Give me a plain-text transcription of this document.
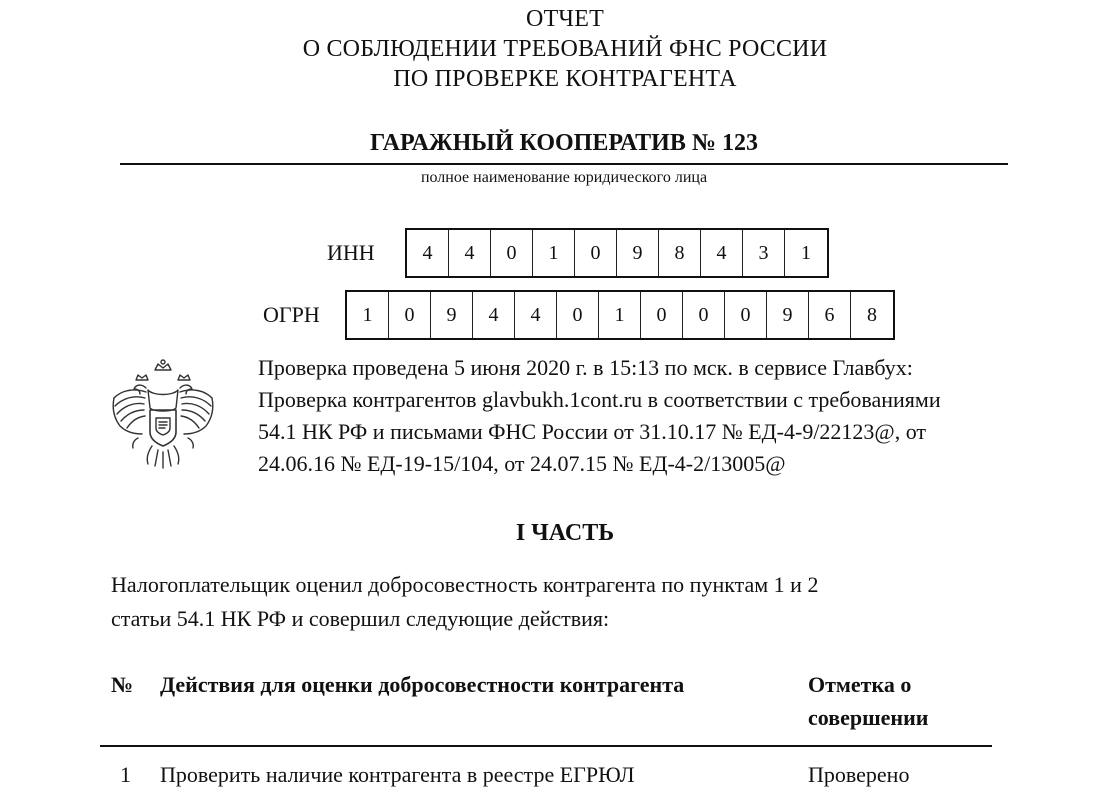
ОТЧЕТ
О СОБЛЮДЕНИИ ТРЕБОВАНИЙ ФНС РОССИИ
ПО ПРОВЕРКЕ КОНТРАГЕНТА
ГАРАЖНЫЙ КООПЕРАТИВ № 123
полное наименование юридического лица
ИНН	4	4	0	1	0	9	8	4	3	1
ОГРН	1	0	9	4	4	0	1	0	0	0	9	6	8
Проверка проведена 5 июня 2020 г. в 15:13 по мск. в сервисе Главбух:
Проверка контрагентов glavbukh.1cont.ru в соответствии с требованиями
54.1 НК РФ и письмами ФНС России от 31.10.17 № ЕД-4-9/22123@, от
24.06.16 № ЕД-19-15/104, от 24.07.15 № ЕД-4-2/13005@
I ЧАСТЬ
Налогоплательщик оценил добросовестность контрагента по пунктам 1 и 2
статьи 54.1 НК РФ и совершил следующие действия:
№ Действия для оценки добросовестности контрагента	Отметка о
совершении
1 Проверить наличие контрагента в реестре ЕГРЮЛ	Проверено
